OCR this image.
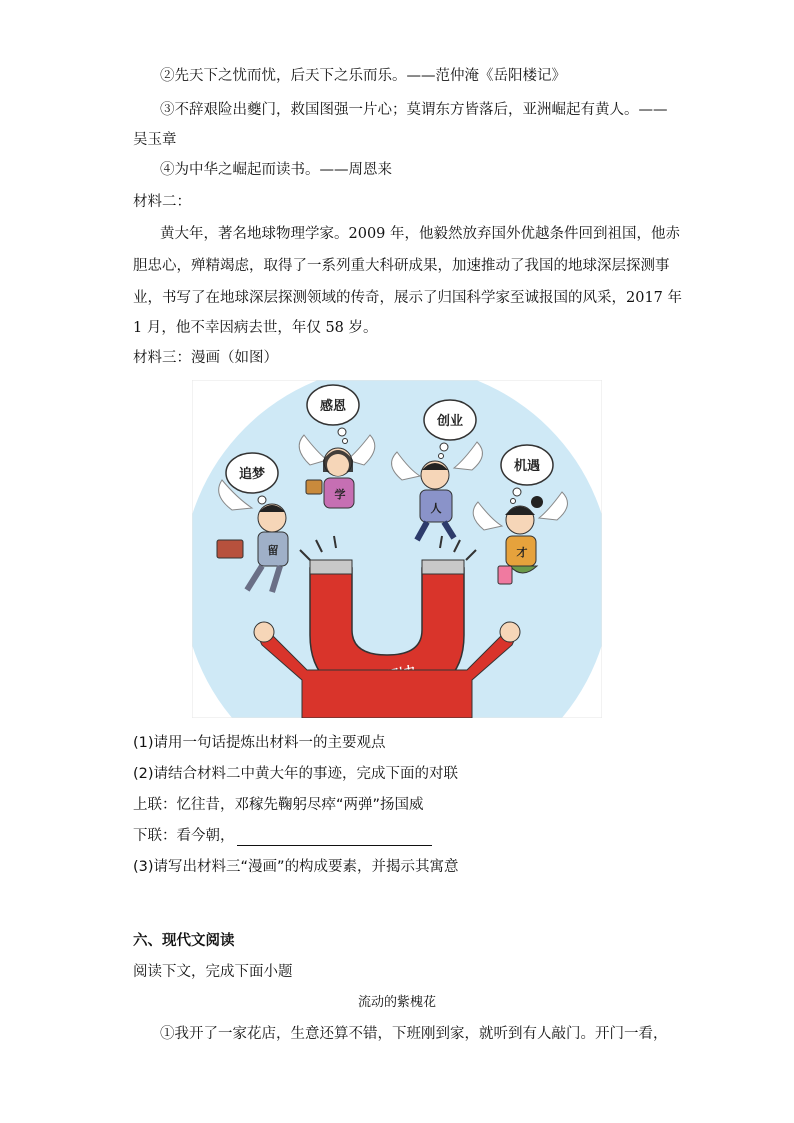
②先天下之忧而忧，后天下之乐而乐。——范仲淹《岳阳楼记》
③不辞艰险出夔门，救国图强一片心；莫谓东方皆落后，亚洲崛起有黄人。——
吴玉章
④为中华之崛起而读书。——周恩来
材料二：
黄大年，著名地球物理学家。2009 年，他毅然放弃国外优越条件回到祖国，他赤
胆忠心，殚精竭虑，取得了一系列重大科研成果，加速推动了我国的地球深层探测事
业，书写了在地球深层探测领域的传奇，展示了归国科学家至诚报国的风采，2017 年
1 月，他不幸因病去世，年仅 58 岁。
材料三：漫画（如图）
追梦
感恩
创业
机遇
留
学
人
才
(1)请用一句话提炼出材料一的主要观点
(2)请结合材料二中黄大年的事迹，完成下面的对联
上联：忆往昔，邓稼先鞠躬尽瘁“两弹”扬国威
下联：看今朝，
(3)请写出材料三“漫画”的构成要素，并揭示其寓意
六、现代文阅读
阅读下文，完成下面小题
流动的紫槐花
①我开了一家花店，生意还算不错，下班刚到家，就听到有人敲门。开门一看，
